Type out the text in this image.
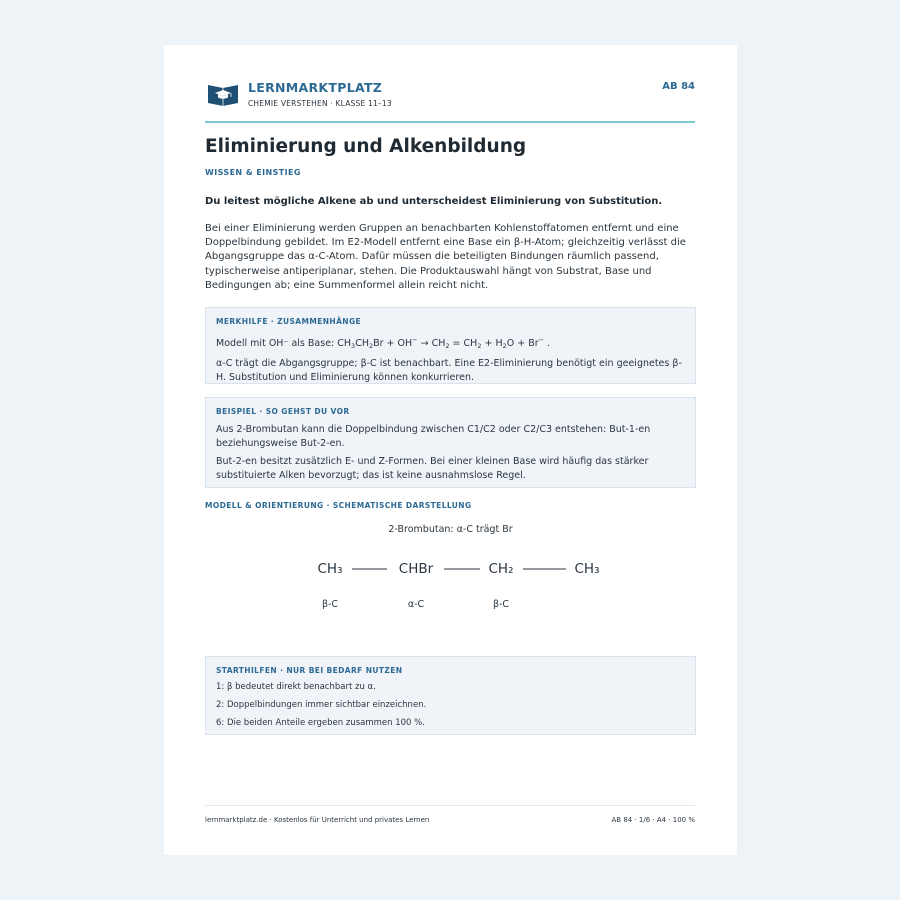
LERNMARKTPLATZ
CHEMIE VERSTEHEN · KLASSE 11–13
AB 84
Eliminierung und Alkenbildung
WISSEN & EINSTIEG
Du leitest mögliche Alkene ab und unterscheidest Eliminierung von Substitution.

Bei einer Eliminierung werden Gruppen an benachbarten Kohlenstoffatomen entfernt und eine Doppelbindung gebildet. Im E2-Modell entfernt eine Base ein β-H-Atom; gleichzeitig verlässt die Abgangsgruppe das α-C-Atom. Dafür müssen die beteiligten Bindungen räumlich passend, typischerweise antiperiplanar, stehen. Die Produktauswahl hängt von Substrat, Base und Bedingungen ab; eine Summenformel allein reicht nicht.

MERKHILFE · ZUSAMMENHÄNGE

Modell mit OH⁻ als Base: $CH_3CH_2Br + OH^- \to CH_2 = CH_2 + H_2O + Br^-$ .

α-C trägt die Abgangsgruppe; β-C ist benachbart. Eine E2-Eliminierung benötigt ein geeignetes β-H. Substitution und Eliminierung können konkurrieren.

BEISPIEL · SO GEHST DU VOR

Aus 2-Brombutan kann die Doppelbindung zwischen C1/C2 oder C2/C3 entstehen: But-1-en beziehungsweise But-2-en.

But-2-en besitzt zusätzlich E- und Z-Formen. Bei einer kleinen Base wird häufig das stärker substituierte Alken bevorzugt; das ist keine ausnahmslose Regel.

MODELL & ORIENTIERUNG · SCHEMATISCHE DARSTELLUNG
2-Brombutan: α-C trägt Br
CH₃	CHBr	CH₂	CH₃
β-C	α-C	β-C
STARTHILFEN · NUR BEI BEDARF NUTZEN
1: β bedeutet direkt benachbart zu α.
2: Doppelbindungen immer sichtbar einzeichnen.
6: Die beiden Anteile ergeben zusammen 100 %.
lernmarktplatz.de · Kostenlos für Unterricht und privates Lernen	AB 84 · 1/6 · A4 · 100 %
